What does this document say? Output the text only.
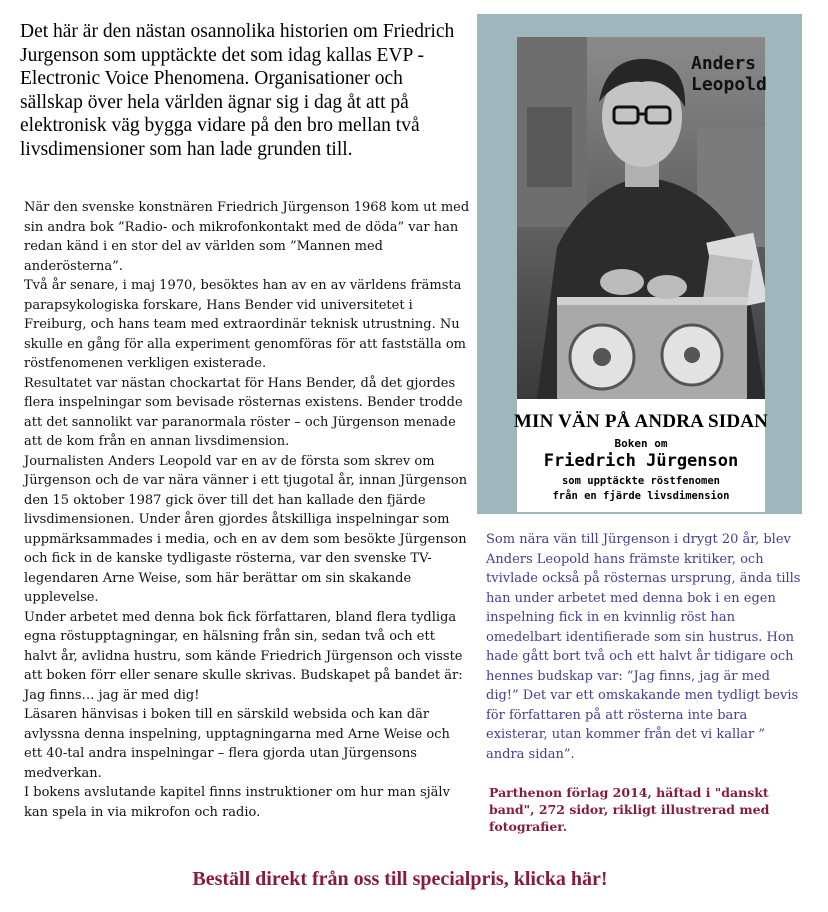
Det här är den nästan osannolika historien om Friedrich Jurgenson som upptäckte det som idag kallas EVP - Electronic Voice Phenomena. Organisationer och sällskap över hela världen ägnar sig i dag åt att på elektronisk väg bygga vidare på den bro mellan två livsdimensioner som han lade grunden till.

När den svenske konstnären Friedrich Jürgenson 1968 kom ut med sin andra bok ”Radio- och mikrofonkontakt med de döda” var han redan känd i en stor del av världen som ”Mannen med anderösterna”.

Två år senare, i maj 1970, besöktes han av en av världens främsta parapsykologiska forskare, Hans Bender vid universitetet i Freiburg, och hans team med extraordinär teknisk utrustning. Nu skulle en gång för alla experiment genomföras för att fastställa om röstfenomenen verkligen existerade.

Resultatet var nästan chockartat för Hans Bender, då det gjordes flera inspelningar som bevisade rösternas existens. Bender trodde att det sannolikt var paranormala röster – och Jürgenson menade att de kom från en annan livsdimension.

Journalisten Anders Leopold var en av de första som skrev om Jürgenson och de var nära vänner i ett tjugotal år, innan Jürgenson den 15 oktober 1987 gick över till det han kallade den fjärde livsdimensionen. Under åren gjordes åtskilliga inspelningar som uppmärksammades i media, och en av dem som besökte Jürgenson och fick in de kanske tydligaste rösterna, var den svenske TV-legendaren Arne Weise, som här berättar om sin skakande upplevelse.

Under arbetet med denna bok fick författaren, bland flera tydliga egna röstupptagningar, en hälsning från sin, sedan två och ett halvt år, avlidna hustru, som kände Friedrich Jürgenson och visste att boken förr eller senare skulle skrivas. Budskapet på bandet är: Jag finns… jag är med dig!

Läsaren hänvisas i boken till en särskild websida och kan där avlyssna denna inspelning, upptagningarna med Arne Weise och ett 40-tal andra inspelningar – flera gjorda utan Jürgensons medverkan.

I bokens avslutande kapitel finns instruktioner om hur man själv kan spela in via mikrofon och radio.

Anders
Leopold
MIN VÄN PÅ ANDRA SIDAN
Boken om
Friedrich Jürgenson
som upptäckte röstfenomen
från en fjärde livsdimension
Som nära vän till Jürgenson i drygt 20 år, blev Anders Leopold hans främste kritiker, och tvivlade också på rösternas ursprung, ända tills han under arbetet med denna bok i en egen inspelning fick in en kvinnlig röst han omedelbart identifierade som sin hustrus. Hon hade gått bort två och ett halvt år tidigare och hennes budskap var: ”Jag finns, jag är med dig!” Det var ett omskakande men tydligt bevis för författaren på att rösterna inte bara existerar, utan kommer från det vi kallar ” andra sidan”.
Parthenon förlag 2014, häftad i "danskt band", 272 sidor, rikligt illustrerad med fotografier.
Beställ direkt från oss till specialpris, klicka här!
